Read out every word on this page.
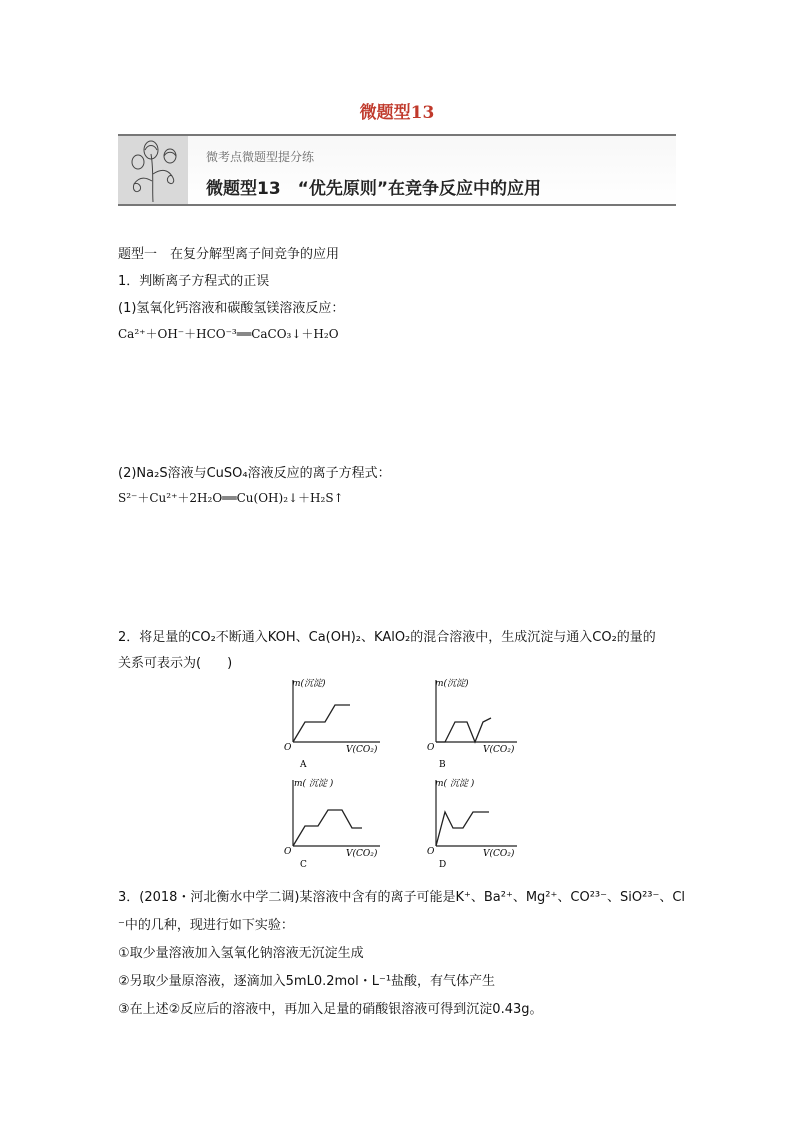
微题型13
微考点微题型提分练
微题型13　“优先原则”在竞争反应中的应用
题型一　在复分解型离子间竞争的应用
1．判断离子方程式的正误
(1)氢氧化钙溶液和碳酸氢镁溶液反应：
Ca²⁺＋OH⁻＋HCO⁻³══CaCO₃↓＋H₂O
(2)Na₂S溶液与CuSO₄溶液反应的离子方程式：
S²⁻＋Cu²⁺＋2H₂O══Cu(OH)₂↓＋H₂S↑
2．将足量的CO₂不断通入KOH、Ca(OH)₂、KAlO₂的混合溶液中，生成沉淀与通入CO₂的量的
关系可表示为(　　)
m(沉淀)
O	V(CO₂)
A
m(沉淀)
O	V(CO₂)
B
m( 沉淀 )
O	V(CO₂)
C
m( 沉淀 )
O	V(CO₂)
D
3．(2018・河北衡水中学二调)某溶液中含有的离子可能是K⁺、Ba²⁺、Mg²⁺、CO²³⁻、SiO²³⁻、Cl
⁻中的几种，现进行如下实验：
①取少量溶液加入氢氧化钠溶液无沉淀生成
②另取少量原溶液，逐滴加入5mL0.2mol・L⁻¹盐酸，有气体产生
③在上述②反应后的溶液中，再加入足量的硝酸银溶液可得到沉淀0.43g。
